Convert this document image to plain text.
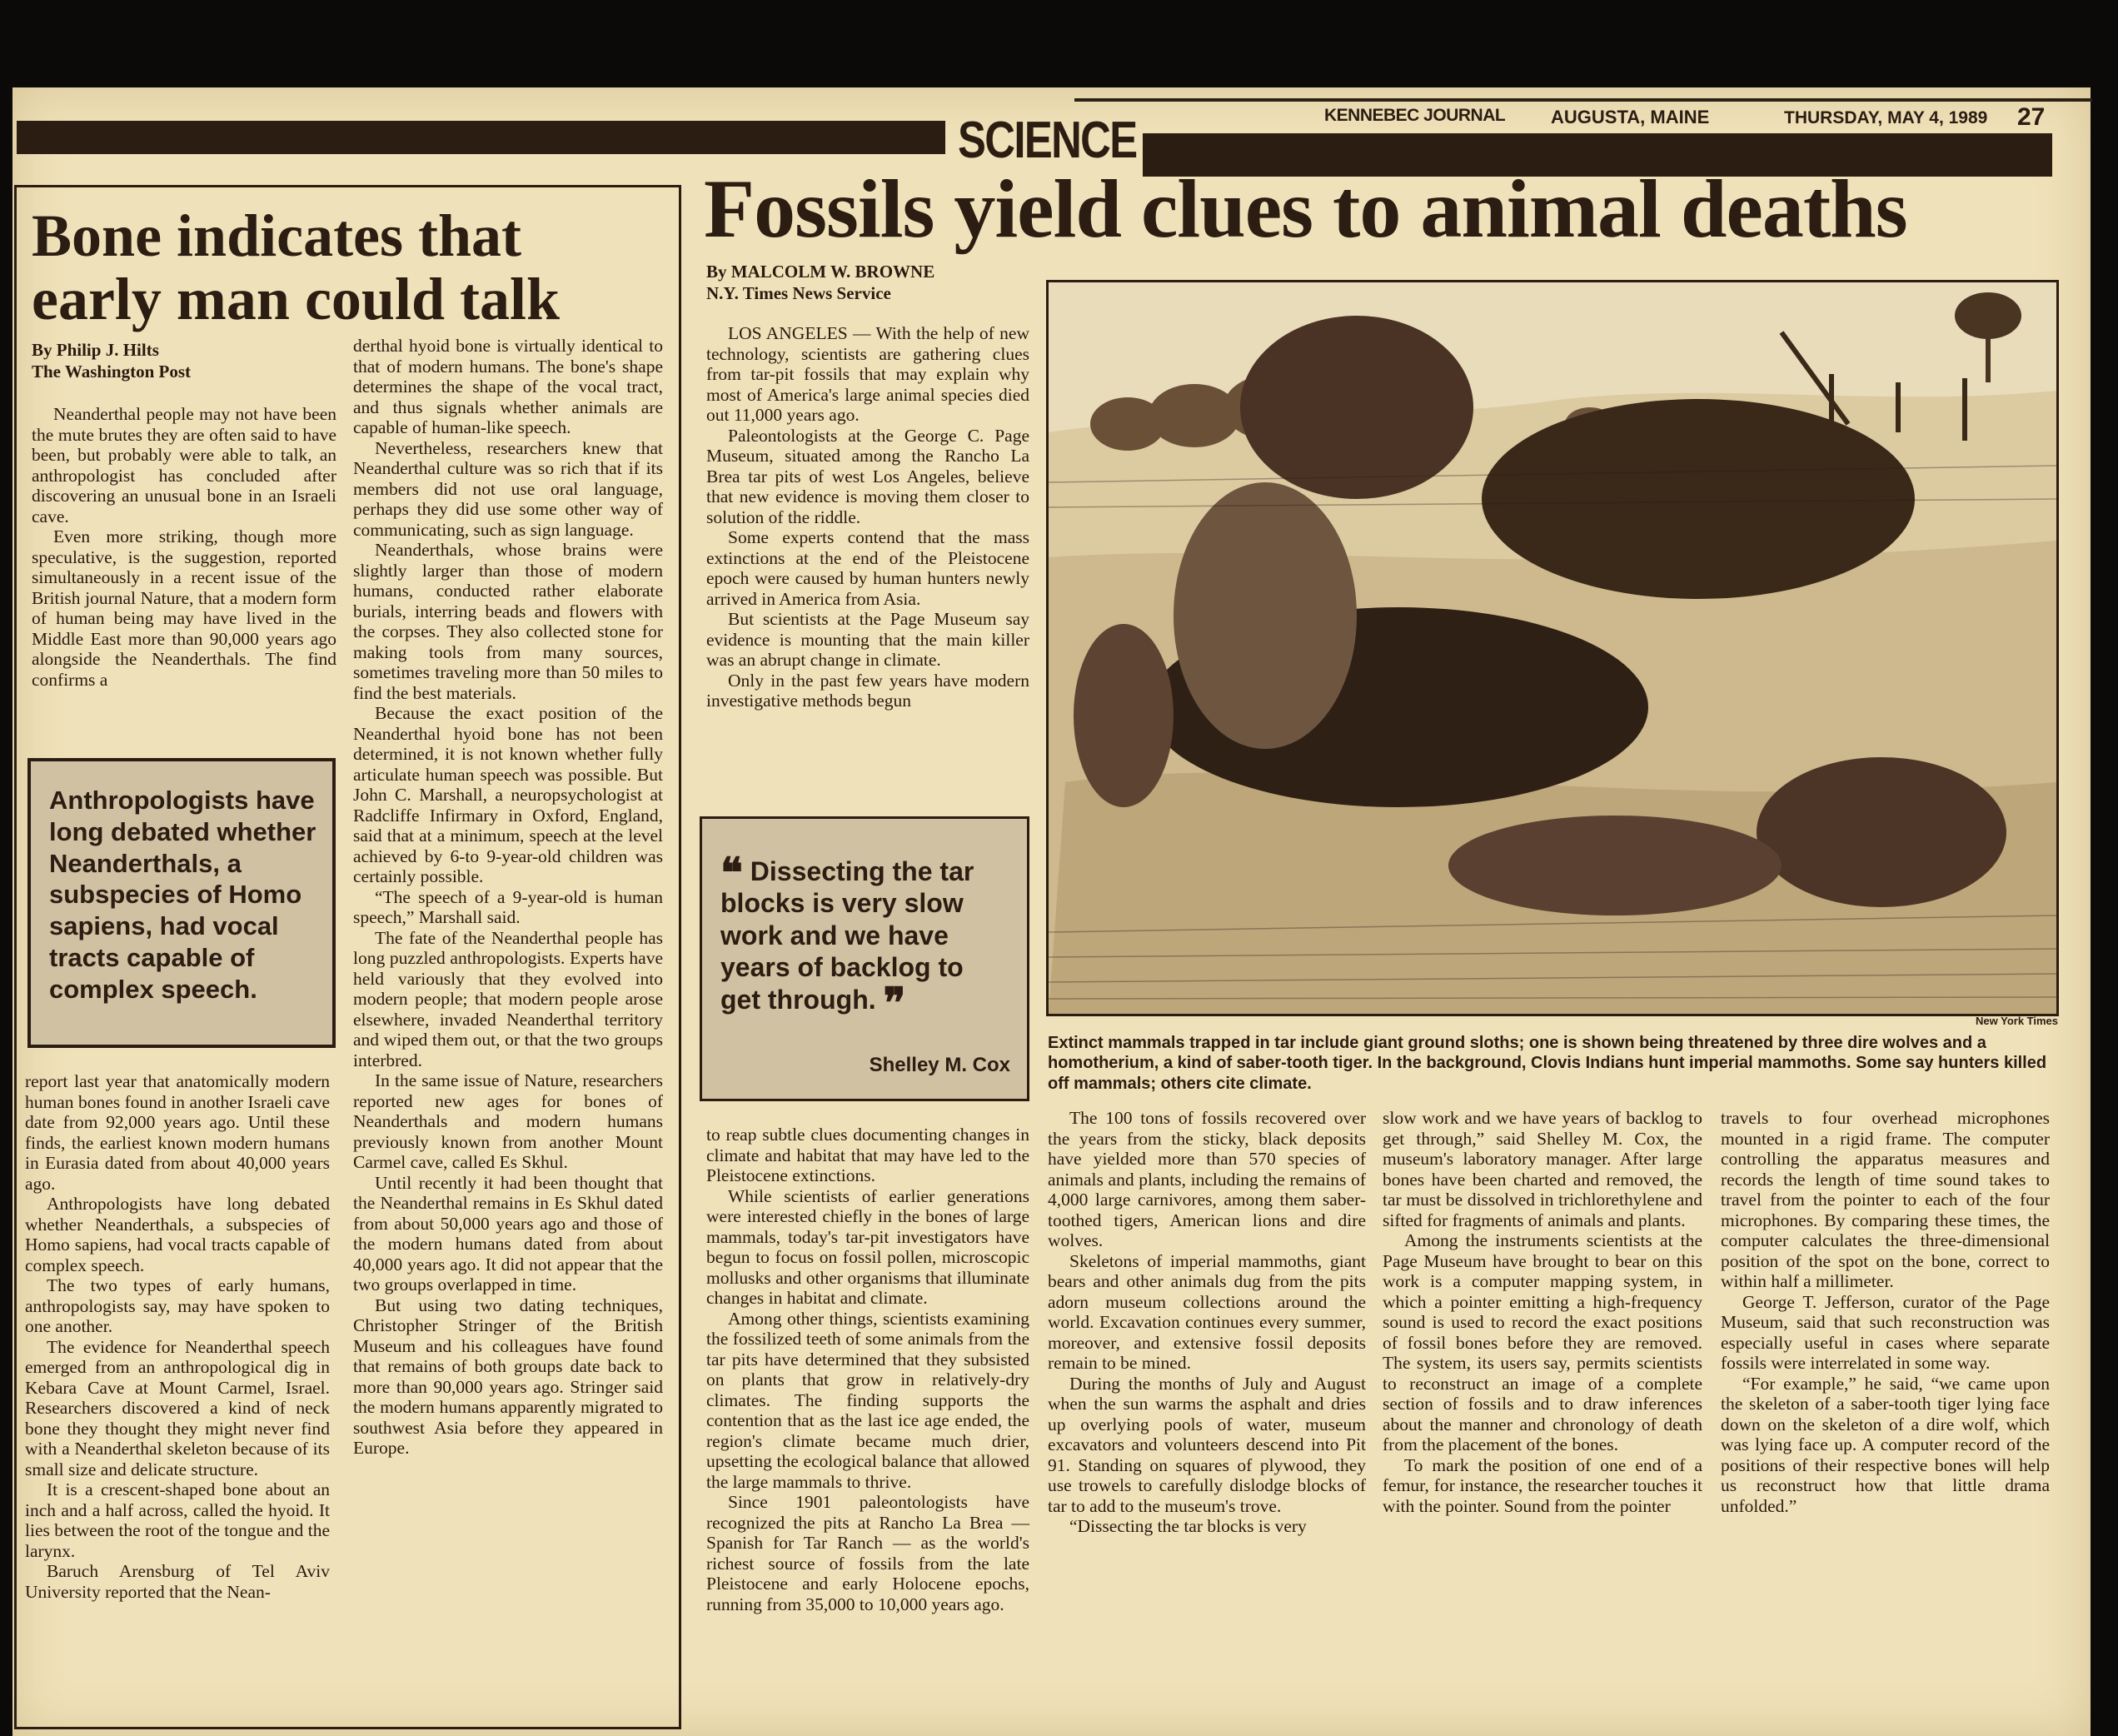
KENNEBEC JOURNAL AUGUSTA, MAINE	THURSDAY, MAY 4, 1989 27
SCIENCE
Bone indicates that early man could talk
By Philip J. Hilts
The Washington Post

Neanderthal people may not have been the mute brutes they are often said to have been, but probably were able to talk, an anthropologist has concluded after discovering an unusual bone in an Israeli cave.

Even more striking, though more speculative, is the suggestion, reported simultaneously in a recent issue of the British journal Nature, that a modern form of human being may have lived in the Middle East more than 90,000 years ago alongside the Neanderthals. The find confirms a

Anthropologists have long debated whether Neanderthals, a subspecies of Homo sapiens, had vocal tracts capable of complex speech.

report last year that anatomically modern human bones found in another Israeli cave date from 92,000 years ago. Until these finds, the earliest known modern humans in Eurasia dated from about 40,000 years ago.

Anthropologists have long debated whether Neanderthals, a subspecies of Homo sapiens, had vocal tracts capable of complex speech.

The two types of early humans, anthropologists say, may have spoken to one another.

The evidence for Neanderthal speech emerged from an anthropological dig in Kebara Cave at Mount Carmel, Israel. Researchers discovered a kind of neck bone they thought they might never find with a Neanderthal skeleton because of its small size and delicate structure.

It is a crescent-shaped bone about an inch and a half across, called the hyoid. It lies between the root of the tongue and the larynx.

Baruch Arensburg of Tel Aviv University reported that the Nean-

derthal hyoid bone is virtually identical to that of modern humans. The bone's shape determines the shape of the vocal tract, and thus signals whether animals are capable of human-like speech.

Nevertheless, researchers knew that Neanderthal culture was so rich that if its members did not use oral language, perhaps they did use some other way of communicating, such as sign language.

Neanderthals, whose brains were slightly larger than those of modern humans, conducted rather elaborate burials, interring beads and flowers with the corpses. They also collected stone for making tools from many sources, sometimes traveling more than 50 miles to find the best materials.

Because the exact position of the Neanderthal hyoid bone has not been determined, it is not known whether fully articulate human speech was possible. But John C. Marshall, a neuropsychologist at Radcliffe Infirmary in Oxford, England, said that at a minimum, speech at the level achieved by 6-to 9-year-old children was certainly possible.

“The speech of a 9-year-old is human speech,” Marshall said.

The fate of the Neanderthal people has long puzzled anthropologists. Experts have held variously that they evolved into modern people; that modern people arose elsewhere, invaded Neanderthal territory and wiped them out, or that the two groups interbred.

In the same issue of Nature, researchers reported new ages for bones of Neanderthals and modern humans previously known from another Mount Carmel cave, called Es Skhul.

Until recently it had been thought that the Neanderthal remains in Es Skhul dated from about 50,000 years ago and those of the modern humans dated from about 40,000 years ago. It did not appear that the two groups overlapped in time.

But using two dating techniques, Christopher Stringer of the British Museum and his colleagues have found that remains of both groups date back to more than 90,000 years ago. Stringer said the modern humans apparently migrated to southwest Asia before they appeared in Europe.

Fossils yield clues to animal deaths
By MALCOLM W. BROWNE
N.Y. Times News Service

LOS ANGELES — With the help of new technology, scientists are gathering clues from tar-pit fossils that may explain why most of America's large animal species died out 11,000 years ago.

Paleontologists at the George C. Page Museum, situated among the Rancho La Brea tar pits of west Los Angeles, believe that new evidence is moving them closer to solution of the riddle.

Some experts contend that the mass extinctions at the end of the Pleistocene epoch were caused by human hunters newly arrived in America from Asia.

But scientists at the Page Museum say evidence is mounting that the main killer was an abrupt change in climate.

Only in the past few years have modern investigative methods begun

❝ Dissecting the tar blocks is very slow work and we have years of backlog to get through. ❞
Shelley M. Cox

to reap subtle clues documenting changes in climate and habitat that may have led to the Pleistocene extinctions.

While scientists of earlier generations were interested chiefly in the bones of large mammals, today's tar-pit investigators have begun to focus on fossil pollen, microscopic mollusks and other organisms that illuminate changes in habitat and climate.

Among other things, scientists examining the fossilized teeth of some animals from the tar pits have determined that they subsisted on plants that grow in relatively-dry climates. The finding supports the contention that as the last ice age ended, the region's climate became much drier, upsetting the ecological balance that allowed the large mammals to thrive.

Since 1901 paleontologists have recognized the pits at Rancho La Brea — Spanish for Tar Ranch — as the world's richest source of fossils from the late Pleistocene and early Holocene epochs, running from 35,000 to 10,000 years ago.

New York Times
Extinct mammals trapped in tar include giant ground sloths; one is shown being threatened by three dire wolves and a homotherium, a kind of saber-tooth tiger. In the background, Clovis Indians hunt imperial mammoths. Some say hunters killed off mammals; others cite climate.

The 100 tons of fossils recovered over the years from the sticky, black deposits have yielded more than 570 species of animals and plants, including the remains of 4,000 large carnivores, among them saber-toothed tigers, American lions and dire wolves.

Skeletons of imperial mammoths, giant bears and other animals dug from the pits adorn museum collections around the world. Excavation continues every summer, moreover, and extensive fossil deposits remain to be mined.

During the months of July and August when the sun warms the asphalt and dries up overlying pools of water, museum excavators and volunteers descend into Pit 91. Standing on squares of plywood, they use trowels to carefully dislodge blocks of tar to add to the museum's trove.

“Dissecting the tar blocks is very

slow work and we have years of backlog to get through,” said Shelley M. Cox, the museum's laboratory manager. After large bones have been charted and removed, the tar must be dissolved in trichlorethylene and sifted for fragments of animals and plants.

Among the instruments scientists at the Page Museum have brought to bear on this work is a computer mapping system, in which a pointer emitting a high-frequency sound is used to record the exact positions of fossil bones before they are removed. The system, its users say, permits scientists to reconstruct an image of a complete section of fossils and to draw inferences about the manner and chronology of death from the placement of the bones.

To mark the position of one end of a femur, for instance, the researcher touches it with the pointer. Sound from the pointer

travels to four overhead microphones mounted in a rigid frame. The computer controlling the apparatus measures and records the length of time sound takes to travel from the pointer to each of the four microphones. By comparing these times, the computer calculates the three-dimensional position of the spot on the bone, correct to within half a millimeter.

George T. Jefferson, curator of the Page Museum, said that such reconstruction was especially useful in cases where separate fossils were interrelated in some way.

“For example,” he said, “we came upon the skeleton of a saber-tooth tiger lying face down on the skeleton of a dire wolf, which was lying face up. A computer record of the positions of their respective bones will help us reconstruct how that little drama unfolded.”
